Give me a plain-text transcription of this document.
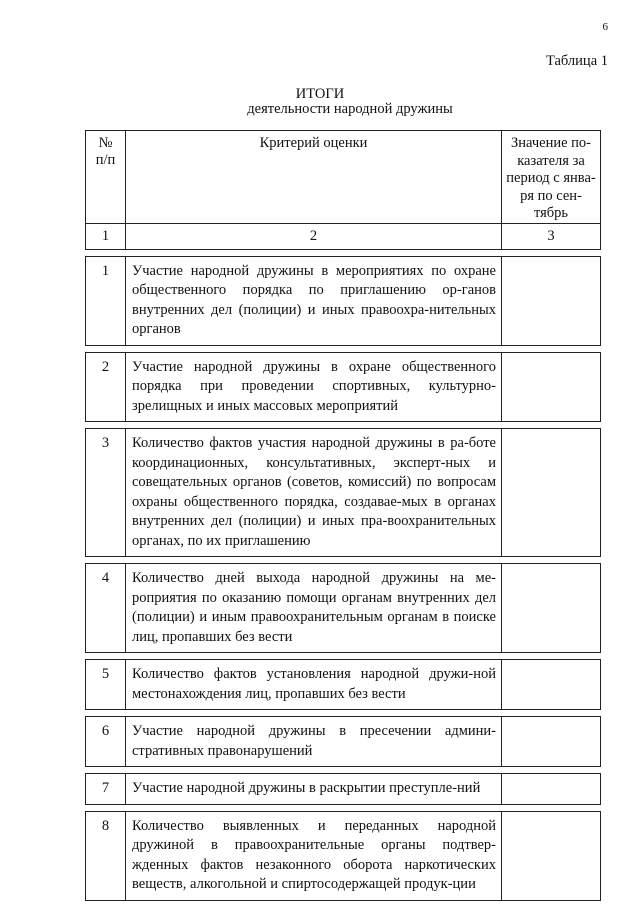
6
Таблица 1
ИТОГИ
деятельности народной дружины
№
п/п	Критерий оценки	Значение по-казателя за период с янва-ря по сен-тябрь
1	2	3

1	Участие народной дружины в мероприятиях по охране общественного порядка по приглашению ор-ганов внутренних дел (полиции) и иных правоохра-нительных органов	

2	Участие народной дружины в охране общественного порядка при проведении спортивных, культурно-зрелищных и иных массовых мероприятий	

3	Количество фактов участия народной дружины в ра-боте координационных, консультативных, эксперт-ных и совещательных органов (советов, комиссий) по вопросам охраны общественного порядка, создавае-мых в органах внутренних дел (полиции) и иных пра-воохранительных органах, по их приглашению	

4	Количество дней выхода народной дружины на ме-роприятия по оказанию помощи органам внутренних дел (полиции) и иным правоохранительным органам в поиске лиц, пропавших без вести	

5	Количество фактов установления народной дружи-ной местонахождения лиц, пропавших без вести	

6	Участие народной дружины в пресечении админи-стративных правонарушений	

7	Участие народной дружины в раскрытии преступле-ний	

8	Количество выявленных и переданных народной дружиной в правоохранительные органы подтвер-жденных фактов незаконного оборота наркотических веществ, алкогольной и спиртосодержащей продук-ции	
